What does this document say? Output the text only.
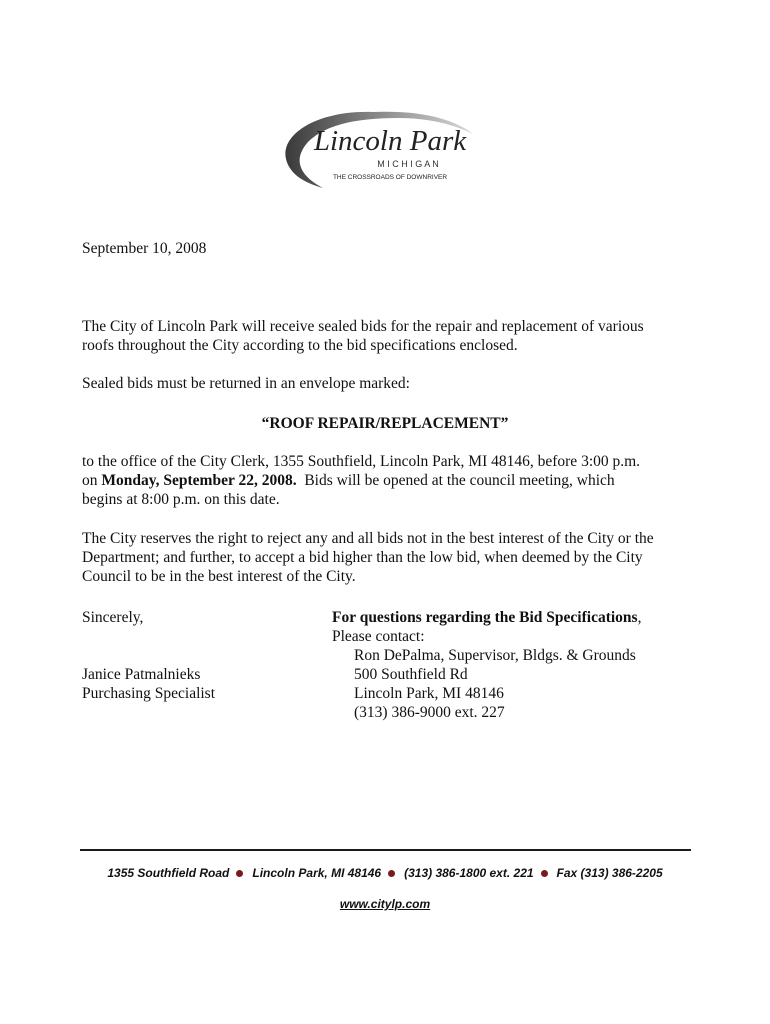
Lincoln Park
M I C H I G A N
THE CROSSROADS OF DOWNRIVER
September 10, 2008
The City of Lincoln Park will receive sealed bids for the repair and replacement of various
roofs throughout the City according to the bid specifications enclosed.
Sealed bids must be returned in an envelope marked:
“ROOF REPAIR/REPLACEMENT”
to the office of the City Clerk, 1355 Southfield, Lincoln Park, MI 48146, before 3:00 p.m.
on Monday, September 22, 2008.  Bids will be opened at the council meeting, which
begins at 8:00 p.m. on this date.
The City reserves the right to reject any and all bids not in the best interest of the City or the
Department; and further, to accept a bid higher than the low bid, when deemed by the City
Council to be in the best interest of the City.
Sincerely,
Janice Patmalnieks
Purchasing Specialist
For questions regarding the Bid Specifications,
Please contact:
Ron DePalma, Supervisor, Bldgs. & Grounds
500 Southfield Rd
Lincoln Park, MI 48146
(313) 386-9000 ext. 227
1355 Southfield Road Lincoln Park, MI 48146 (313) 386-1800 ext. 221 Fax (313) 386-2205
www.citylp.com
